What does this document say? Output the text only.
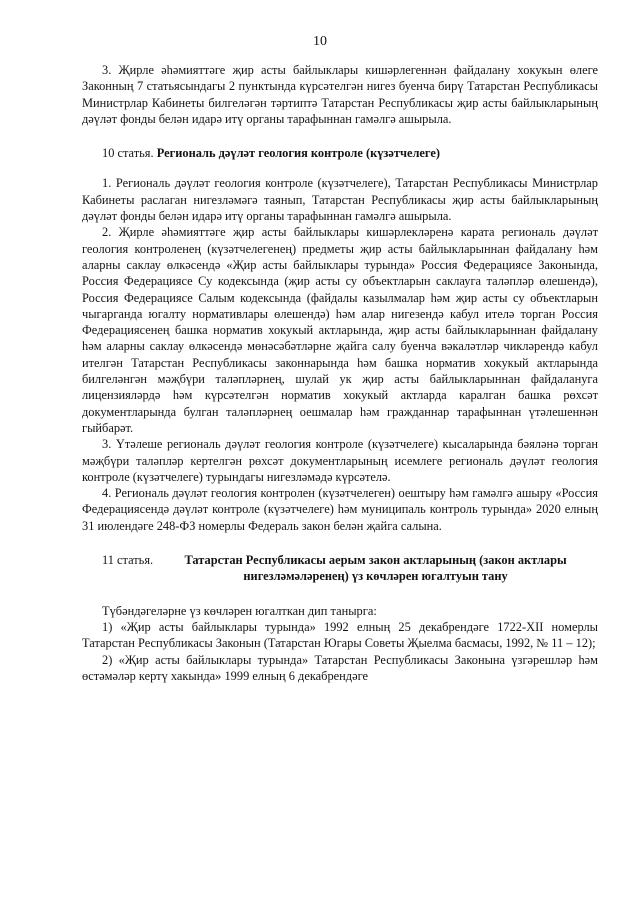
10

3. Җирле әһәмияттәге җир асты байлыклары кишәрлегеннән файдалану хокукын өлеге Законның 7 статьясындагы 2 пунктында күрсәтелгән нигез буенча бирү Татарстан Республикасы Министрлар Кабинеты билгеләгән тәртиптә Татарстан Республикасы җир асты байлыкларының дәүләт фонды белән идарә итү органы тарафыннан гамәлгә ашырыла.

10 статья. Региональ дәүләт геология контроле (күзәтчелеге)

1. Региональ дәүләт геология контроле (күзәтчелеге), Татарстан Республикасы Министрлар Кабинеты раслаган нигезләмәгә таянып, Татарстан Республикасы җир асты байлыкларының дәүләт фонды белән идарә итү органы тарафыннан гамәлгә ашырыла.

2. Җирле әһәмияттәге җир асты байлыклары кишәрлекләренә карата региональ дәүләт геология контроленең (күзәтчелегенең) предметы җир асты байлыкларыннан файдалану һәм аларны саклау өлкәсендә «Җир асты байлыклары турында» Россия Федерациясе Законында, Россия Федерациясе Су кодексында (җир асты су объектларын саклауга таләпләр өлешендә), Россия Федерациясе Салым кодексында (файдалы казылмалар һәм җир асты су объектларын чыгарганда югалту нормативлары өлешендә) һәм алар нигезендә кабул ителә торган Россия Федерациясенең башка норматив хокукый актларында, җир асты байлыкларыннан файдалану һәм аларны саклау өлкәсендә мөнәсәбәтләрне җайга салу буенча вәкаләтләр чикләрендә кабул ителгән Татарстан Республикасы законнарында һәм башка норматив хокукый актларында билгеләнгән мәҗбүри таләпләрнең, шулай ук җир асты байлыкларыннан файдалануга лицензияләрдә һәм күрсәтелгән норматив хокукый актларда каралган башка рөхсәт документларында булган таләпләрнең оешмалар һәм гражданнар тарафыннан үтәлешеннән гыйбарәт.

3. Үтәлеше региональ дәүләт геология контроле (күзәтчелеге) кысаларында бәяләнә торган мәҗбүри таләпләр кертелгән рөхсәт документларының исемлеге региональ дәүләт геология контроле (күзәтчелеге) турындагы нигезләмәдә күрсәтелә.

4. Региональ дәүләт геология контролен (күзәтчелеген) оештыру һәм гамәлгә ашыру «Россия Федерациясендә дәүләт контроле (күзәтчелеге) һәм муниципаль контроль турында» 2020 елның 31 июлендәге 248-ФЗ номерлы Федераль закон белән җайга салына.

11 статья.	Татарстан Республикасы аерым закон актларының (закон актлары нигезләмәләренең) үз көчләрен югалтуын тану

Түбәндәгеләрне үз көчләрен югалткан дип танырга:

1) «Җир асты байлыклары турында» 1992 елның 25 декабрендәге 1722-XII номерлы Татарстан Республикасы Законын (Татарстан Югары Советы Җыелма басмасы, 1992, № 11 – 12);

2) «Җир асты байлыклары турында» Татарстан Республикасы Законына үзгәрешләр һәм өстәмәләр кертү хакында» 1999 елның 6 декабрендәге
